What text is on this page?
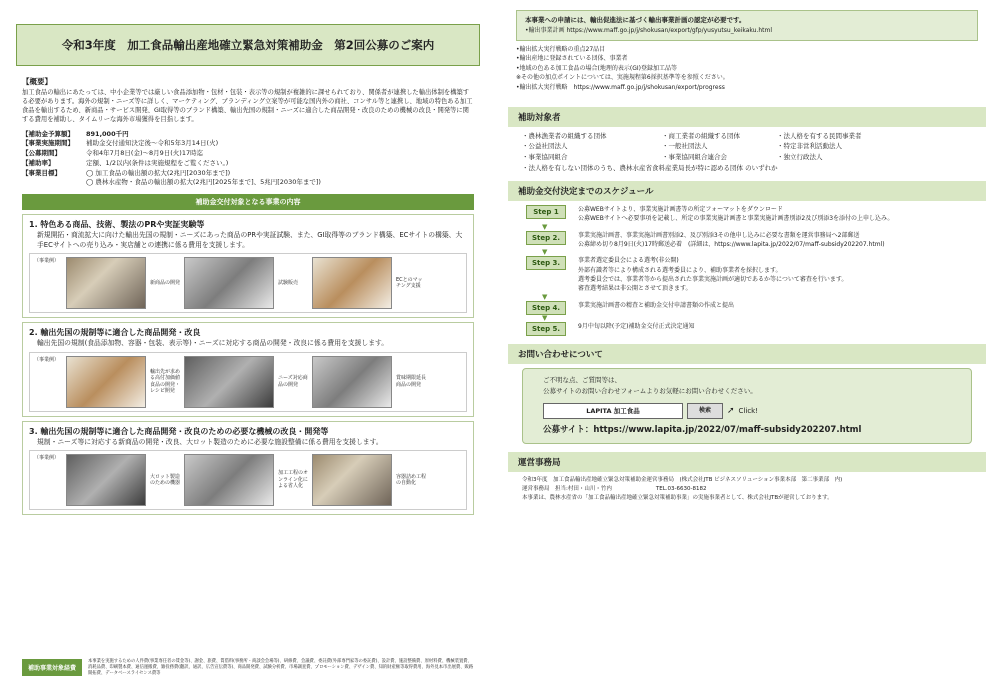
令和3年度　加工食品輸出産地確立緊急対策補助金　第2回公募のご案内
【概要】
加工食品の輸出にあたっては、中小企業等では厳しい食品添加物・包材・包装・表示等の規制が複雑的に課せられており、関係者が連携した輸出体制を構築する必要があります。海外の規制・ニーズ等に詳しく、マーケティング、ブランディング立案等が可能な国内外の商社、コンサル等と連携し、地域の特色ある加工食品を輸出するため、新商品・サービス開発、GI取得等のブランド構築、輸出先国の規制・ニーズに適合した商品開発・改良のための機械の改良・開発等に関する費用を補助し、タイムリーな海外市場獲得を目指します。
【補助金予算額】	891,000千円
【事業実施期間】	補助金交付通知決定後～令和5年3月14日(火)
【公募期間】	令和4年7月8日(金)～8月9日(火)17時迄
【補助率】	定額、1/2以内(条件は実施規程をご覧ください。)
【事業目標】	◯ 加工食品の輸出額の拡大(2兆円[2030年まで])
◯ 農林水産物・食品の輸出額の拡大(2兆円[2025年まで]、5兆円[2030年まで])
補助金交付対象となる事業の内容
1. 特色ある商品、技術、製法のPRや実証実験等
新規開拓・商流拡大に向けた輸出先国の規制・ニーズにあった商品のPRや実証試験、また、GI取得等のブランド構築、ECサイトの構築、大手ECサイトへの売り込み・実店舗との連携に係る費用を支援します。
（事業例）
新商品の開発	試験販売
ECとのマッチング支援
2. 輸出先国の規制等に適合した商品開発・改良
輸出先国の規制(食品添加物、容器・包装、表示等)・ニーズに対応する商品の開発・改良に係る費用を支援します。
（事業例）
輸出先が求める高付加価値食品の開発・レシピ開発
ニーズ対応商品の開発
賞味期限延長商品の開発
3. 輸出先国の規制等に適合した商品開発・改良のための必要な機械の改良・開発等
規制・ニーズ等に対応する新商品の開発・改良、大ロット製造のために必要な施設整備に係る費用を支援します。
（事業例）
大ロット製造のための機器
加工工程のオンライン化による省人化
容器詰め工程の自動化
補助事業対象経費
本事業を実施するための人件費(事業専任者の賃金等)、謝金、旅費、賃借料(事務所・商談会会場等)、研修費、会議費、委託費(外部専門家等の委託費)、設計費、施設整備費、原材料費、機械装置費、消耗品費、印刷製本費、通信運搬費、雑役務費(翻訳、通訳、広告宣伝費等)、商品開発費、試験分析費、市場調査費、プロモーション費、デザイン費、知的財産権等取得費用、海外見本市出展費、販路開拓費、データベースライセンス費等
本事業への申請には、輸出促進法に基づく輸出事業計画の認定が必要です。
•輸出事業計画 https://www.maff.go.jp/j/shokusan/export/gfp/yusyutsu_keikaku.html
•輸出拡大実行戦略の重点27品目
•輸出産地に登録されている団体、事業者
•地域の色ある加工食品の場合(地理的表示(GI)登録加工品等
※その他の加点ポイントについては、実施規程第6採択基準等を参照ください。
•輸出拡大実行戦略　https://www.maff.go.jp/j/shokusan/export/progress
補助対象者
・農林漁業者の組織する団体	・商工業者の組織する団体	・法人格を有する民間事業者
・公益社団法人	・一般社団法人	・特定非営利活動法人
・事業協同組合	・事業協同組合連合会	・独立行政法人
・法人格を有しない団体のうち、農林水産省食料産業局長が特に認める団体 のいずれか
補助金交付決定までのスケジュール
Step 1	公募WEBサイトより、事業実施計画書等の所定フォーマットをダウンロード
公募WEBサイトへ必要事項を記載し、所定の事業実施計画書と事業実施計画書別添2及び別添3を添付の上申し込み。
▼
Step 2.	事業実施計画書、事業実施計画書別添2、及び別添3その他申し込みに必要な書類を運営事務局へ2部郵送
公募締め切り8月9日(火)17時郵送必着　(詳細は、https://www.lapita.jp/2022/07/maff-subsidy202207.html)
▼
Step 3.	事業者選定委員会による選考(非公開)
外部有識者等により構成される選考委員により、補助事業者を採択します。
選考委員会では、事業者等から提出された事業実施計画が適切であるか等について審査を行います。
審査選考結果は非公開とさせて頂きます。
▼
Step 4.	事業実施計画書の精査と補助金交付申請書類の作成と提出
▼
Step 5.	9月中旬以降(予定)補助金交付正式決定通知
お問い合わせについて
ご不明な点、ご質問等は、
公募サイトのお問い合わせフォームよりお気軽にお問い合わせください。
LAPITA 加工食品	検索	➚ Click!
公募サイト：https://www.lapita.jp/2022/07/maff-subsidy202207.html
運営事務局
令和3年度　加工食品輸出産地確立緊急対策補助金運営事務局　(株式会社JTB ビジネスソリューション事業本部　第二事業部　内)
運営事務局　担当:村田・山川・竹内　　　　　　　　TEL.03-6630-8182
本事業は、農林水産省の「加工食品輸出産地確立緊急対策補助事業」の実施事業者として、株式会社JTBが運営しております。
